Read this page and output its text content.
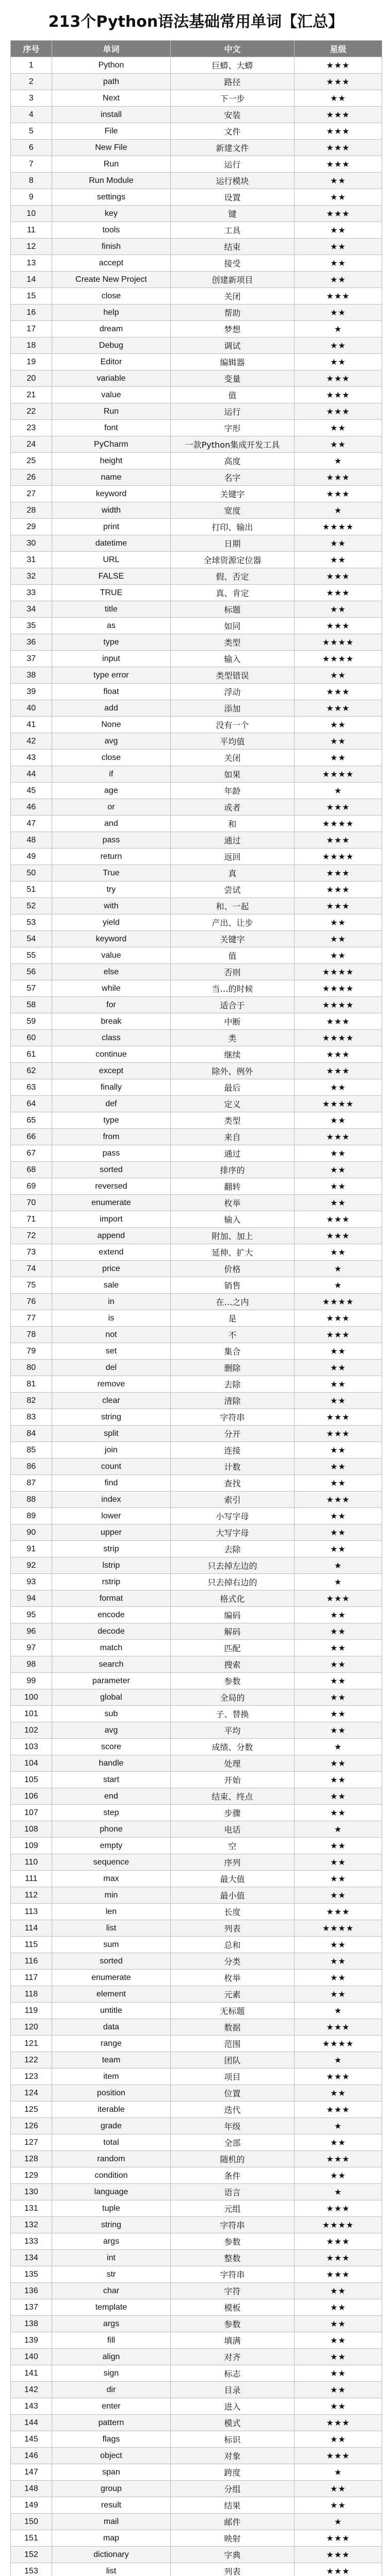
213个Python语法基础常用单词【汇总】
序号	单词	中文	星级
1	Python	巨蟒、大蟒	★★★
2	path	路径	★★★
3	Next	下一步	★★
4	install	安装	★★★
5	File	文件	★★★
6	New File	新建文件	★★★
7	Run	运行	★★★
8	Run Module	运行模块	★★
9	settings	设置	★★
10	key	键	★★★
11	tools	工具	★★
12	finish	结束	★★
13	accept	接受	★★
14	Create New Project	创建新项目	★★
15	close	关闭	★★★
16	help	帮助	★★
17	dream	梦想	★
18	Debug	调试	★★
19	Editor	编辑器	★★
20	variable	变量	★★★
21	value	值	★★★
22	Run	运行	★★★
23	font	字形	★★
24	PyCharm	一款Python集成开发工具	★★
25	height	高度	★
26	name	名字	★★★
27	keyword	关键字	★★★
28	width	宽度	★
29	print	打印、输出	★★★★
30	datetime	日期	★★
31	URL	全球资源定位器	★★
32	FALSE	假、否定	★★★
33	TRUE	真、肯定	★★★
34	title	标题	★★
35	as	如同	★★★
36	type	类型	★★★★
37	input	输入	★★★★
38	type error	类型错误	★★
39	float	浮动	★★★
40	add	添加	★★★
41	None	没有一个	★★
42	avg	平均值	★★
43	close	关闭	★★
44	if	如果	★★★★
45	age	年龄	★
46	or	或者	★★★
47	and	和	★★★★
48	pass	通过	★★★
49	return	返回	★★★★
50	True	真	★★★
51	try	尝试	★★★
52	with	和、一起	★★★
53	yield	产出、让步	★★
54	keyword	关键字	★★
55	value	值	★★
56	else	否则	★★★★
57	while	当…的时候	★★★★
58	for	适合于	★★★★
59	break	中断	★★★
60	class	类	★★★★
61	continue	继续	★★★
62	except	除外、例外	★★★
63	finally	最后	★★
64	def	定义	★★★★
65	type	类型	★★
66	from	来自	★★★
67	pass	通过	★★
68	sorted	排序的	★★
69	reversed	翻转	★★
70	enumerate	枚举	★★
71	import	输入	★★★
72	append	附加、加上	★★★
73	extend	延伸、扩大	★★
74	price	价格	★
75	sale	销售	★
76	in	在…之内	★★★★
77	is	是	★★★
78	not	不	★★★
79	set	集合	★★
80	del	删除	★★
81	remove	去除	★★
82	clear	清除	★★
83	string	字符串	★★★
84	split	分开	★★★
85	join	连接	★★
86	count	计数	★★
87	find	查找	★★
88	index	索引	★★★
89	lower	小写字母	★★
90	upper	大写字母	★★
91	strip	去除	★★
92	lstrip	只去掉左边的	★
93	rstrip	只去掉右边的	★
94	format	格式化	★★★
95	encode	编码	★★
96	decode	解码	★★
97	match	匹配	★★
98	search	搜索	★★
99	parameter	参数	★★
100	global	全局的	★★
101	sub	子、替换	★★
102	avg	平均	★★
103	score	成绩、分数	★
104	handle	处理	★★
105	start	开始	★★
106	end	结束、终点	★★
107	step	步骤	★★
108	phone	电话	★
109	empty	空	★★
110	sequence	序列	★★
111	max	最大值	★★
112	min	最小值	★★
113	len	长度	★★★
114	list	列表	★★★★
115	sum	总和	★★
116	sorted	分类	★★
117	enumerate	枚举	★★
118	element	元素	★★
119	untitle	无标题	★
120	data	数据	★★★
121	range	范围	★★★★
122	team	团队	★
123	item	项目	★★★
124	position	位置	★★
125	iterable	迭代	★★★
126	grade	年级	★
127	total	全部	★★
128	random	随机的	★★★
129	condition	条件	★★
130	language	语言	★
131	tuple	元组	★★★
132	string	字符串	★★★★
133	args	参数	★★★
134	int	整数	★★★
135	str	字符串	★★★
136	char	字符	★★
137	template	模板	★★
138	args	参数	★★
139	fill	填满	★★
140	align	对齐	★★
141	sign	标志	★★
142	dir	目录	★★
143	enter	进入	★★
144	pattern	模式	★★★
145	flags	标识	★★
146	object	对象	★★★
147	span	跨度	★
148	group	分组	★★
149	result	结果	★★
150	mail	邮件	★
151	map	映射	★★★
152	dictionary	字典	★★★
153	list	列表	★★★
